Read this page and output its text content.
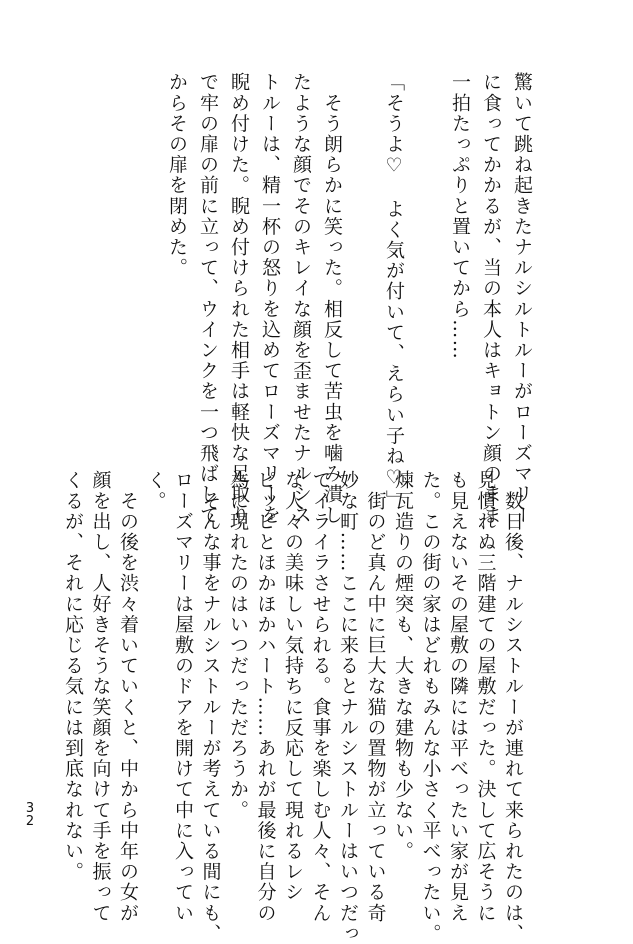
驚いて跳ね起きたナルシルトルーがローズマリー
に食ってかかるが、当の本人はキョトン顔のまま
一拍たっぷりと置いてから……
「そうよ♡　よく気が付いて、えらい子ね♡」
　そう朗らかに笑った。相反して苦虫を噛み潰し
たような顔でそのキレイな顔を歪ませたナルシス
トルーは、精一杯の怒りを込めてローズマリーを
睨め付けた。睨め付けられた相手は軽快な足取り
で牢の扉の前に立って、ウインクを一つ飛ばして
からその扉を閉めた。
3
2	　数日後、ナルシストルーが連れて来られたのは、
見慣れぬ三階建ての屋敷だった。決して広そうに
も見えないその屋敷の隣には平べったい家が見え
た。この街の家はどれもみんな小さく平べったい。
煉瓦造りの煙突も、大きな建物も少ない。
　街のど真ん中に巨大な猫の置物が立っている奇
妙な町……ここに来るとナルシストルーはいつだっ
てイライラさせられる。食事を楽しむ人々、そん
な人々の美味しい気持ちに反応して現れるレシ
ピッピとほかほかハート……あれが最後に自分の
為に現れたのはいつだっただろうか。
　そんな事をナルシストルーが考えている間にも、
ローズマリーは屋敷のドアを開けて中に入ってい
く。
　その後を渋々着いていくと、中から中年の女が
顔を出し、人好きそうな笑顔を向けて手を振って
くるが、それに応じる気には到底なれない。
